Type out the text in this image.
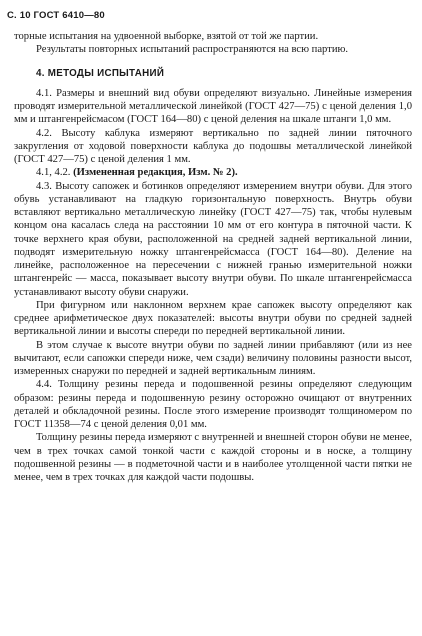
С. 10 ГОСТ 6410—80

торные испытания на удвоенной выборке, взятой от той же партии.

Результаты повторных испытаний распространяются на всю партию.

4. МЕТОДЫ ИСПЫТАНИЙ

4.1. Размеры и внешний вид обуви определяют визуально. Линейные измерения проводят измерительной металлической линейкой (ГОСТ 427—75) с ценой деления 1,0 мм и штангенрейсмасом (ГОСТ 164—80) с ценой деления на шкале штанги 1,0 мм.

4.2. Высоту каблука измеряют вертикально по задней линии пяточного закругления от ходовой поверхности каблука до подошвы металлической линейкой (ГОСТ 427—75) с ценой деления 1 мм.

4.1, 4.2. (Измененная редакция, Изм. № 2).

4.3. Высоту сапожек и ботинков определяют измерением внутри обуви. Для этого обувь устанавливают на гладкую горизонтальную поверхность. Внутрь обуви вставляют вертикально металлическую линейку (ГОСТ 427—75) так, чтобы нулевым концом она касалась следа на расстоянии 10 мм от его контура в пяточной части. К точке верхнего края обуви, расположенной на средней задней вертикальной линии, подводят измерительную ножку штангенрейсмасса (ГОСТ 164—80). Деление на линейке, расположенное на пересечении с нижней гранью измерительной ножки штангенрейс — масса, показывает высоту внутри обуви. По шкале штангенрейсмасса устанавливают высоту обуви снаружи.

При фигурном или наклонном верхнем крае сапожек высоту определяют как среднее арифметическое двух показателей: высоты внутри обуви по средней задней вертикальной линии и высоты спереди по передней вертикальной линии.

В этом случае к высоте внутри обуви по задней линии прибавляют (или из нее вычитают, если сапожки спереди ниже, чем сзади) величину половины разности высот, измеренных снаружи по передней и задней вертикальным линиям.

4.4. Толщину резины переда и подошвенной резины определяют следующим образом: резины переда и подошвенную резину осторожно очищают от внутренних деталей и обкладочной резины. После этого измерение производят толщиномером по ГОСТ 11358—74 с ценой деления 0,01 мм.

Толщину резины переда измеряют с внутренней и внешней сторон обуви не менее, чем в трех точках самой тонкой части с каждой стороны и в носке, а толщину подошвенной резины — в подметочной части и в наиболее утолщенной части пятки не менее, чем в трех точках для каждой части подошвы.
